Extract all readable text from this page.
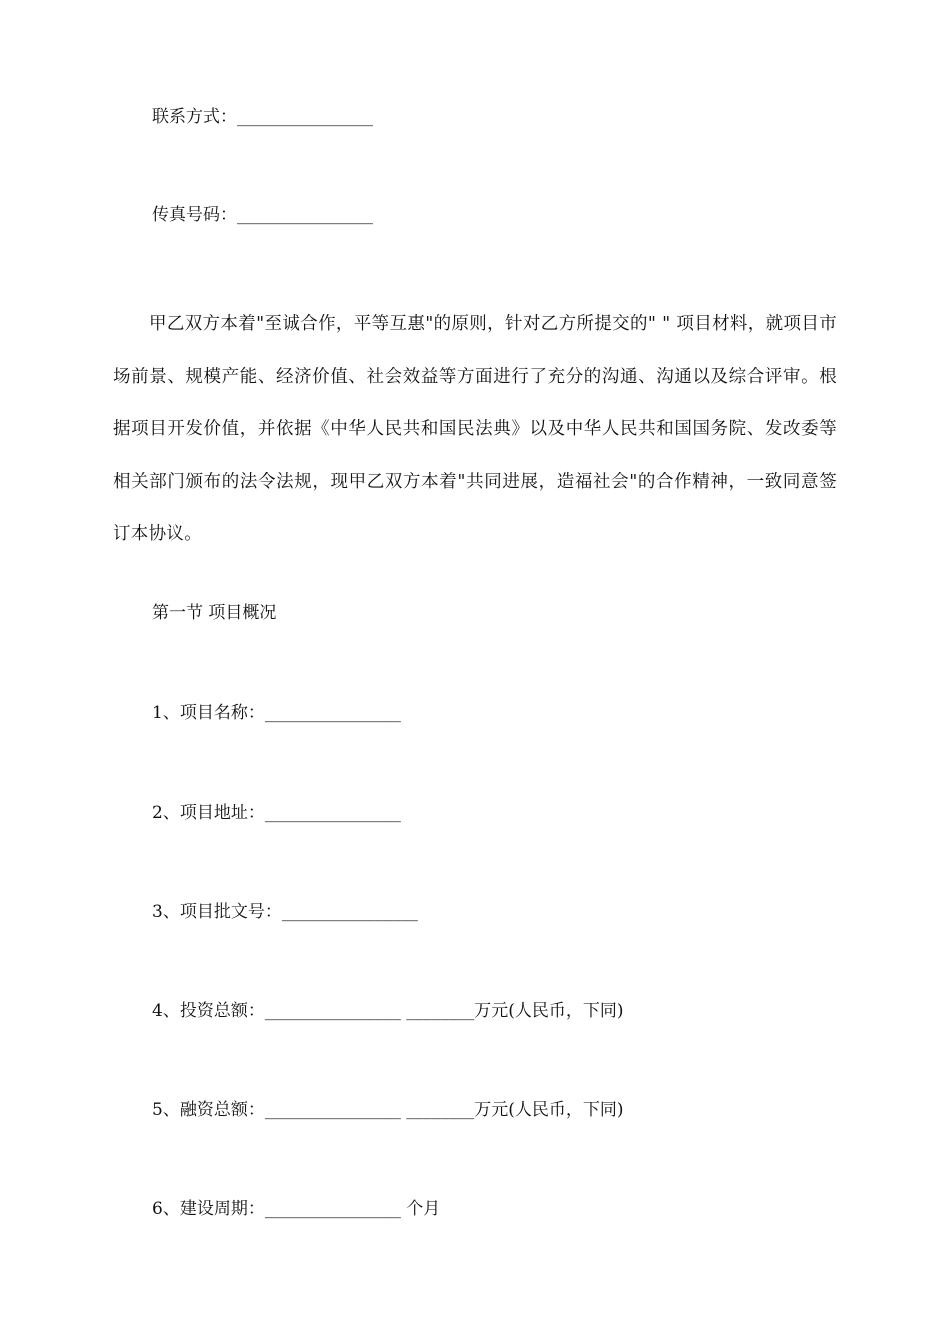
联系方式：________________
传真号码：________________
甲乙双方本着"至诚合作，平等互惠"的原则，针对乙方所提交的" " 项目材料，就项目市场前景、规模产能、经济价值、社会效益等方面进行了充分的沟通、沟通以及综合评审。根据项目开发价值，并依据《中华人民共和国民法典》以及中华人民共和国国务院、发改委等相关部门颁布的法令法规，现甲乙双方本着"共同进展，造福社会"的合作精神，一致同意签订本协议。
第一节 项目概况
1、项目名称：________________
2、项目地址：________________
3、项目批文号：________________
4、投资总额：________________ ________万元(人民币，下同)
5、融资总额：________________ ________万元(人民币，下同)
6、建设周期：________________ 个月
